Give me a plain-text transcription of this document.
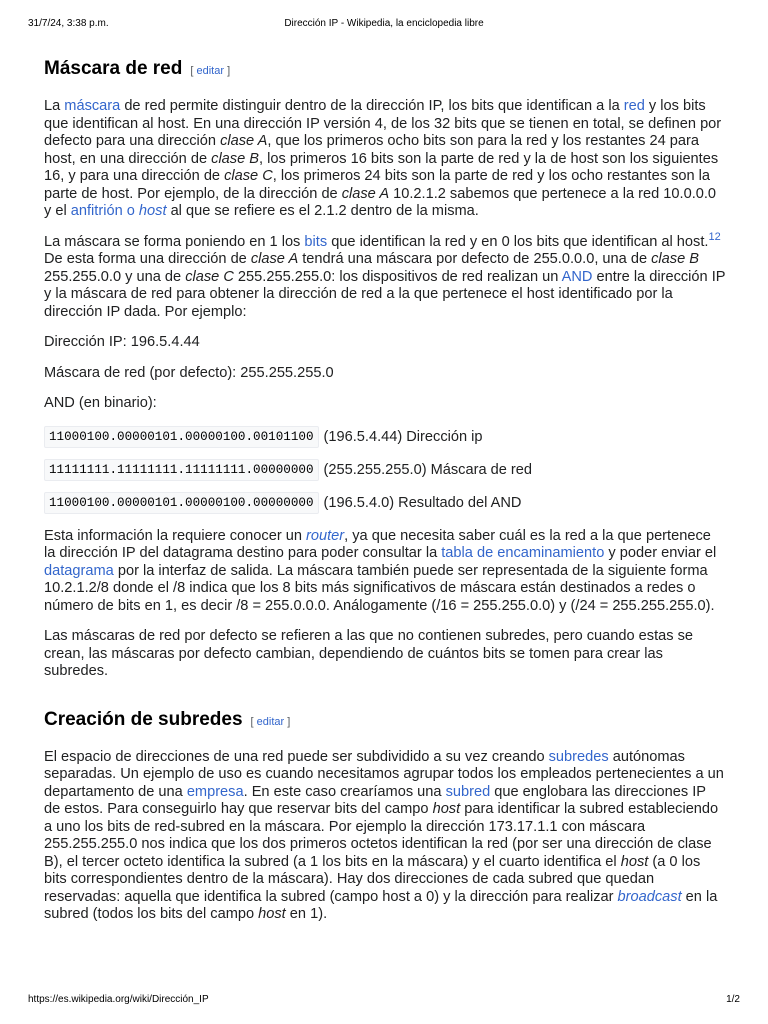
31/7/24, 3:38 p.m.	Dirección IP - Wikipedia, la enciclopedia libre
Máscara de red [ editar ]

La máscara de red permite distinguir dentro de la dirección IP, los bits que identifican a la red y los bits que identifican al host. En una dirección IP versión 4, de los 32 bits que se tienen en total, se definen por defecto para una dirección clase A, que los primeros ocho bits son para la red y los restantes 24 para host, en una dirección de clase B, los primeros 16 bits son la parte de red y la de host son los siguientes 16, y para una dirección de clase C, los primeros 24 bits son la parte de red y los ocho restantes son la parte de host. Por ejemplo, de la dirección de clase A 10.2.1.2 sabemos que pertenece a la red 10.0.0.0 y el anfitrión o host al que se refiere es el 2.1.2 dentro de la misma.

La máscara se forma poniendo en 1 los bits que identifican la red y en 0 los bits que identifican al host.$^{12}$ De esta forma una dirección de clase A tendrá una máscara por defecto de 255.0.0.0, una de clase B 255.255.0.0 y una de clase C 255.255.255.0: los dispositivos de red realizan un AND entre la dirección IP y la máscara de red para obtener la dirección de red a la que pertenece el host identificado por la dirección IP dada. Por ejemplo:

Dirección IP: 196.5.4.44

Máscara de red (por defecto): 255.255.255.0

AND (en binario):

11000100.00000101.00000100.00101100 (196.5.4.44) Dirección ip
11111111.11111111.11111111.00000000 (255.255.255.0) Máscara de red
11000100.00000101.00000100.00000000 (196.5.4.0) Resultado del AND

Esta información la requiere conocer un router, ya que necesita saber cuál es la red a la que pertenece la dirección IP del datagrama destino para poder consultar la tabla de encaminamiento y poder enviar el datagrama por la interfaz de salida. La máscara también puede ser representada de la siguiente forma 10.2.1.2/8 donde el /8 indica que los 8 bits más significativos de máscara están destinados a redes o número de bits en 1, es decir /8 = 255.0.0.0. Análogamente (/16 = 255.255.0.0) y (/24 = 255.255.255.0).

Las máscaras de red por defecto se refieren a las que no contienen subredes, pero cuando estas se crean, las máscaras por defecto cambian, dependiendo de cuántos bits se tomen para crear las subredes.

Creación de subredes [ editar ]

El espacio de direcciones de una red puede ser subdividido a su vez creando subredes autónomas separadas. Un ejemplo de uso es cuando necesitamos agrupar todos los empleados pertenecientes a un departamento de una empresa. En este caso crearíamos una subred que englobara las direcciones IP de estos. Para conseguirlo hay que reservar bits del campo host para identificar la subred estableciendo a uno los bits de red-subred en la máscara. Por ejemplo la dirección 173.17.1.1 con máscara 255.255.255.0 nos indica que los dos primeros octetos identifican la red (por ser una dirección de clase B), el tercer octeto identifica la subred (a 1 los bits en la máscara) y el cuarto identifica el host (a 0 los bits correspondientes dentro de la máscara). Hay dos direcciones de cada subred que quedan reservadas: aquella que identifica la subred (campo host a 0) y la dirección para realizar broadcast en la subred (todos los bits del campo host en 1).

https://es.wikipedia.org/wiki/Dirección_IP	1/2
